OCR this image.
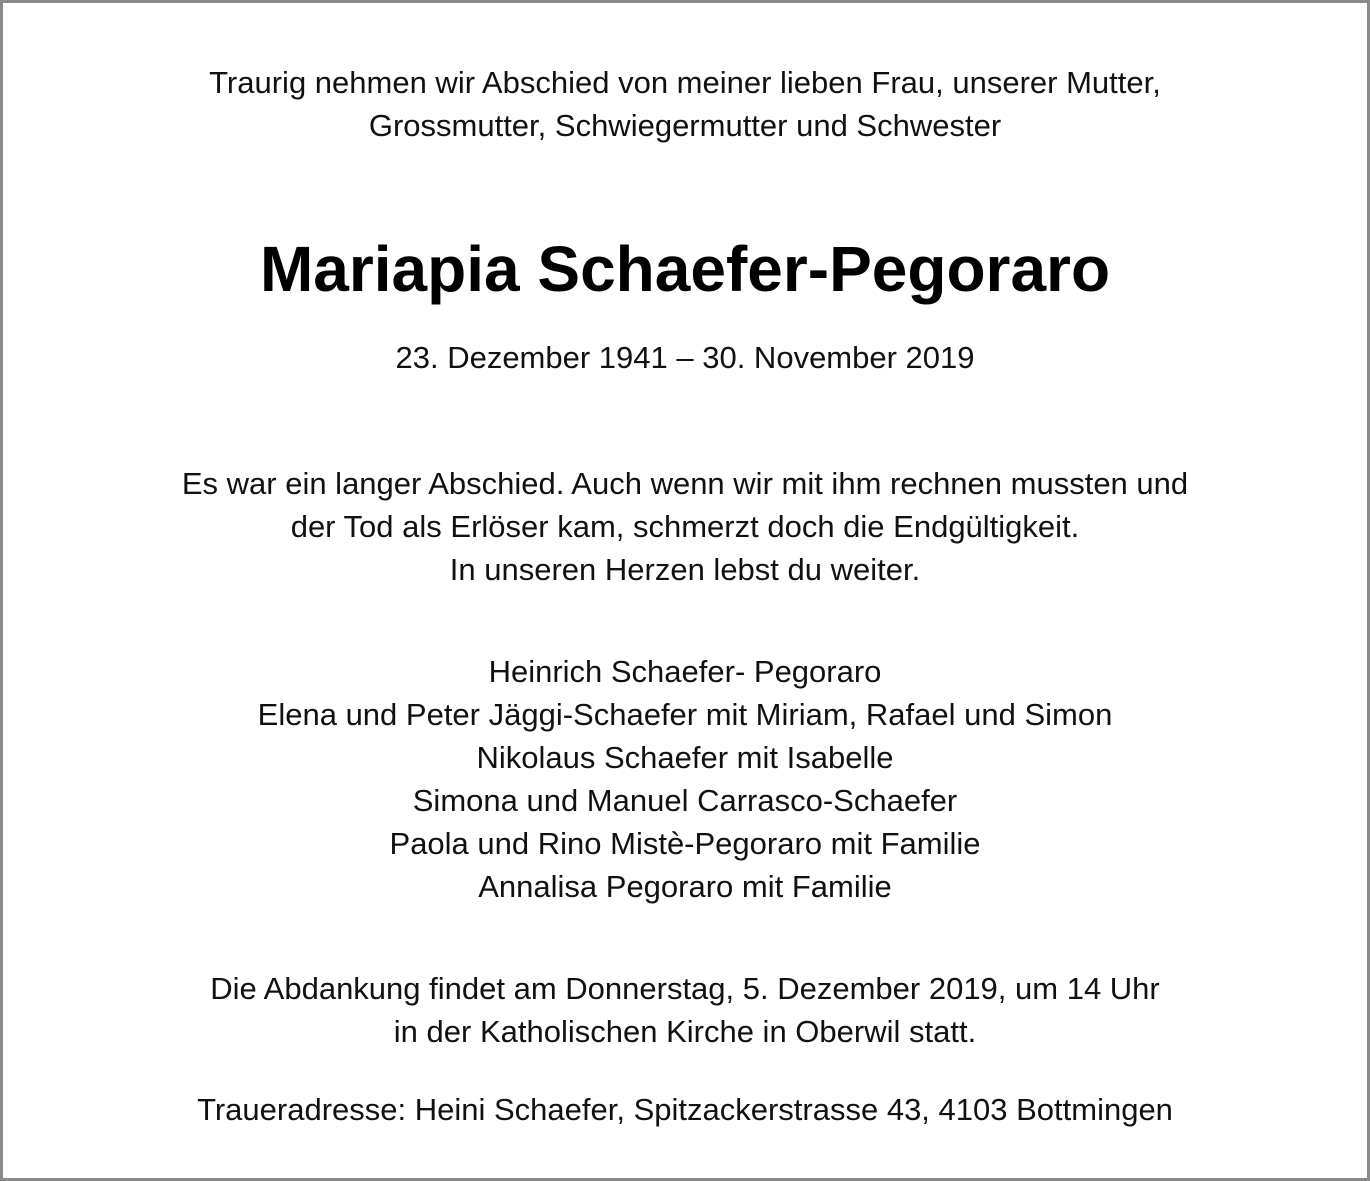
Traurig nehmen wir Abschied von meiner lieben Frau, unserer Mutter,
Grossmutter, Schwiegermutter und Schwester
Mariapia Schaefer-Pegoraro
23. Dezember 1941 – 30. November 2019
Es war ein langer Abschied. Auch wenn wir mit ihm rechnen mussten und
der Tod als Erlöser kam, schmerzt doch die Endgültigkeit.
In unseren Herzen lebst du weiter.
Heinrich Schaefer- Pegoraro
Elena und Peter Jäggi-Schaefer mit Miriam, Rafael und Simon
Nikolaus Schaefer mit Isabelle
Simona und Manuel Carrasco-Schaefer
Paola und Rino Mistè-Pegoraro mit Familie
Annalisa Pegoraro mit Familie
Die Abdankung findet am Donnerstag, 5. Dezember 2019, um 14 Uhr
in der Katholischen Kirche in Oberwil statt.
Traueradresse: Heini Schaefer, Spitzackerstrasse 43, 4103 Bottmingen
